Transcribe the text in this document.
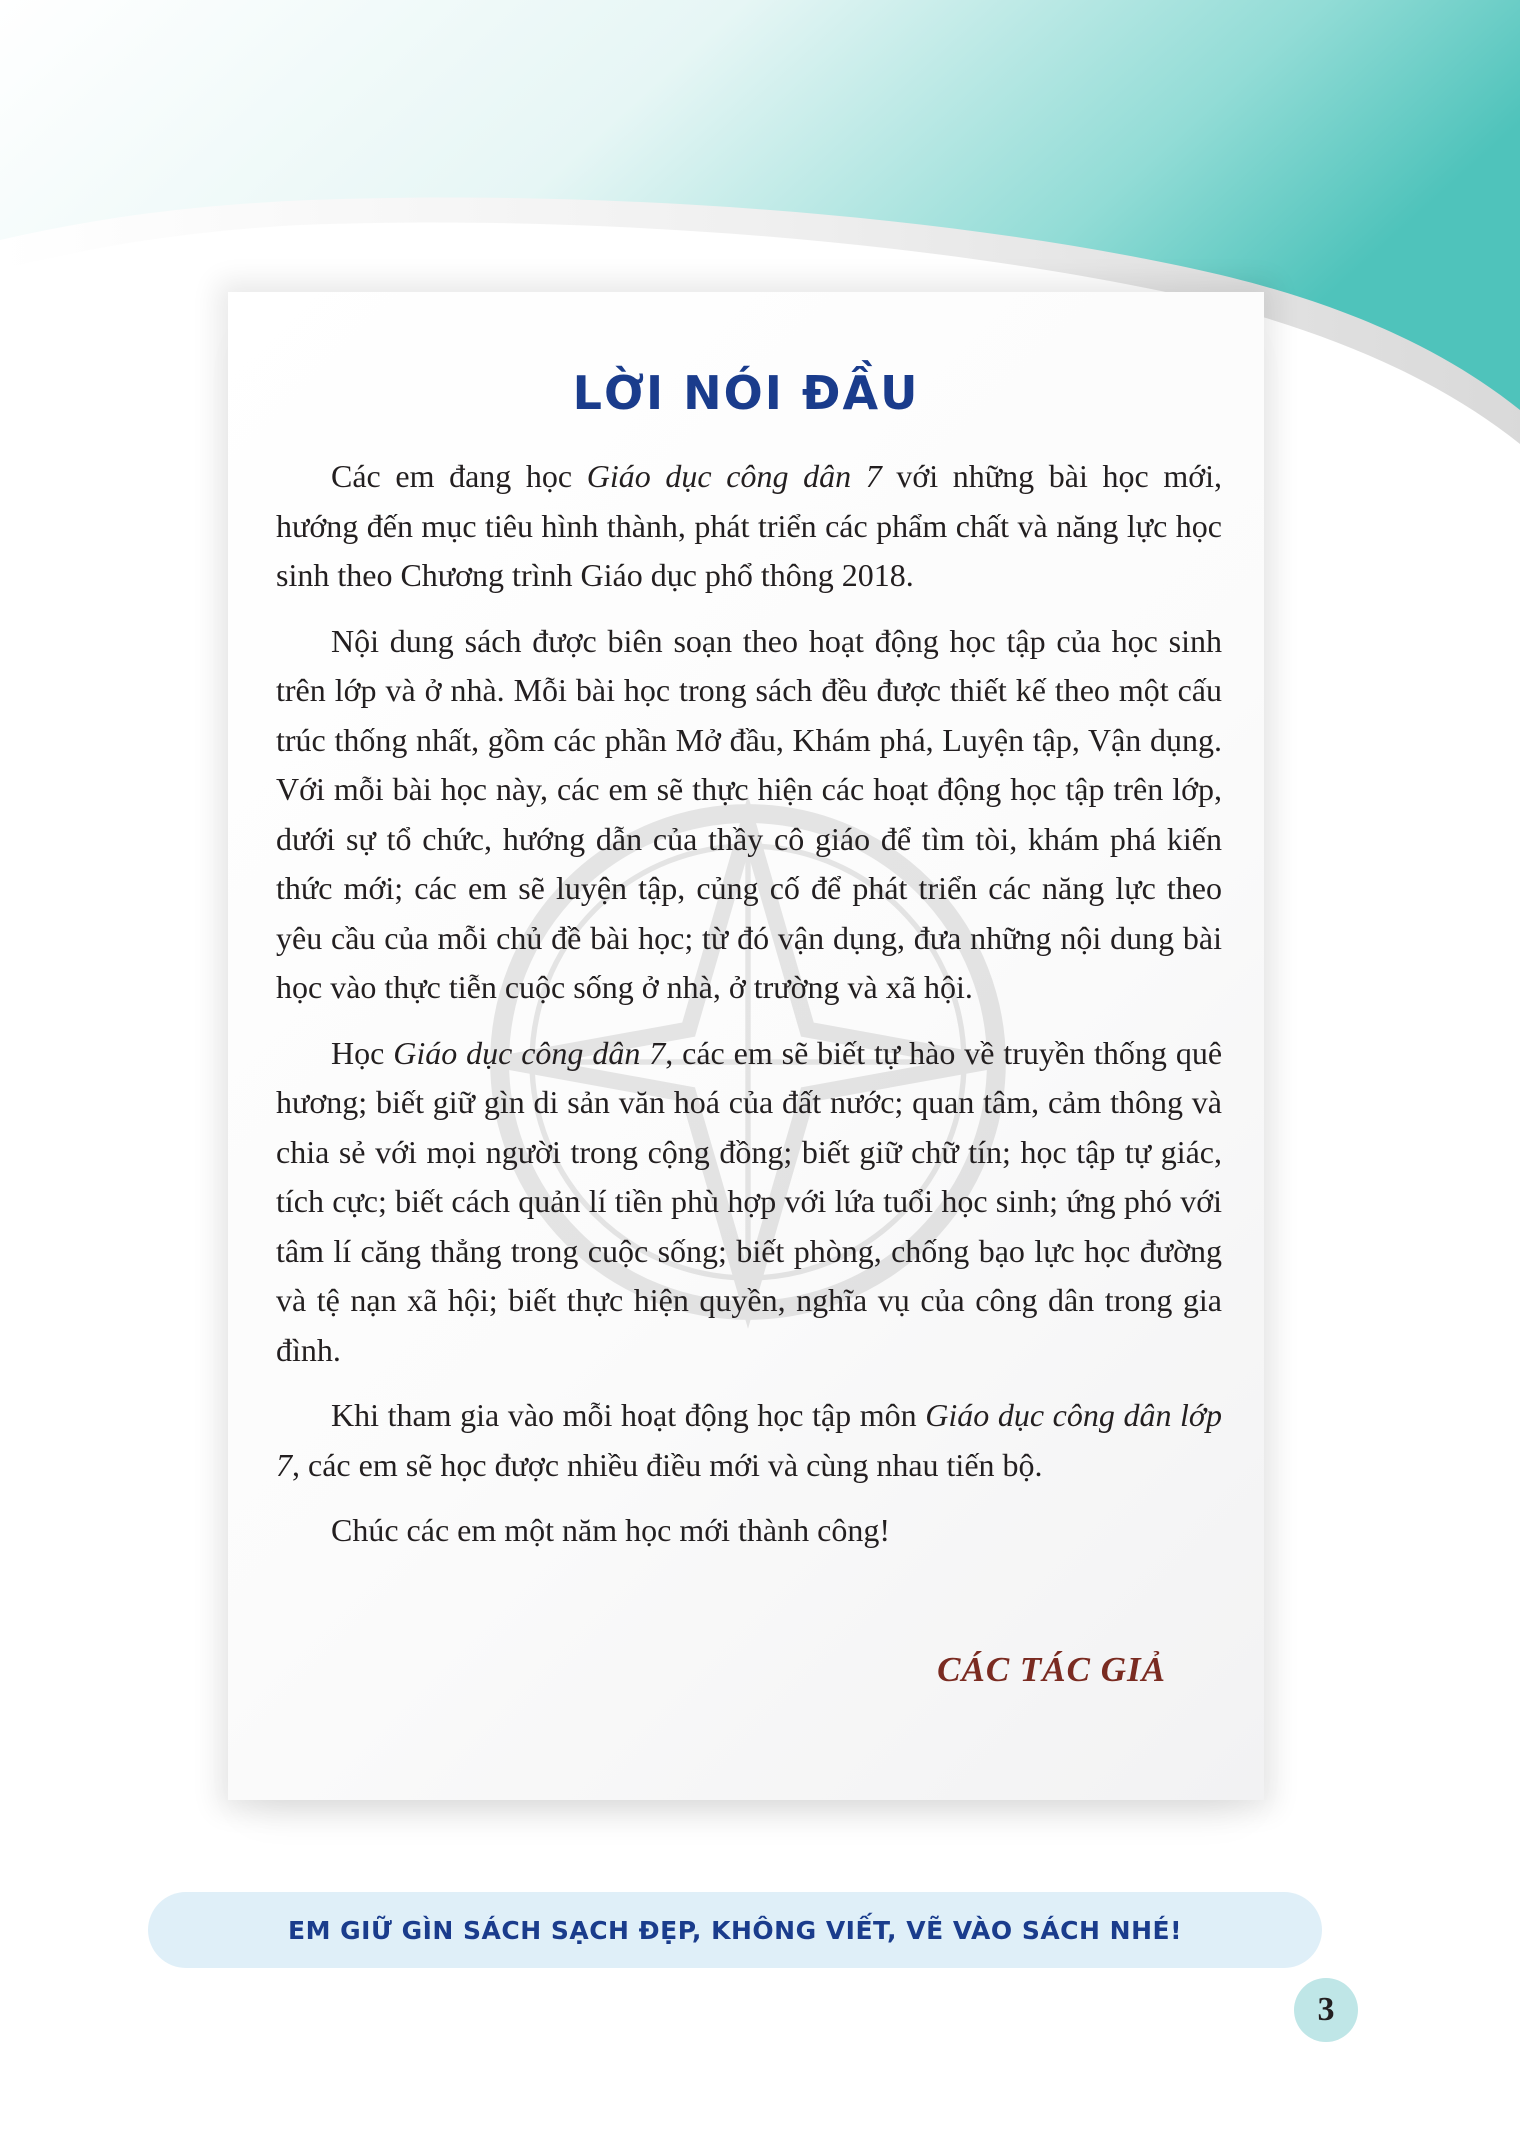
LỜI NÓI ĐẦU

Các em đang học Giáo dục công dân 7 với những bài học mới, hướng đến mục tiêu hình thành, phát triển các phẩm chất và năng lực học sinh theo Chương trình Giáo dục phổ thông 2018.

Nội dung sách được biên soạn theo hoạt động học tập của học sinh trên lớp và ở nhà. Mỗi bài học trong sách đều được thiết kế theo một cấu trúc thống nhất, gồm các phần Mở đầu, Khám phá, Luyện tập, Vận dụng. Với mỗi bài học này, các em sẽ thực hiện các hoạt động học tập trên lớp, dưới sự tổ chức, hướng dẫn của thầy cô giáo để tìm tòi, khám phá kiến thức mới; các em sẽ luyện tập, củng cố để phát triển các năng lực theo yêu cầu của mỗi chủ đề bài học; từ đó vận dụng, đưa những nội dung bài học vào thực tiễn cuộc sống ở nhà, ở trường và xã hội.

Học Giáo dục công dân 7, các em sẽ biết tự hào về truyền thống quê hương; biết giữ gìn di sản văn hoá của đất nước; quan tâm, cảm thông và chia sẻ với mọi người trong cộng đồng; biết giữ chữ tín; học tập tự giác, tích cực; biết cách quản lí tiền phù hợp với lứa tuổi học sinh; ứng phó với tâm lí căng thẳng trong cuộc sống; biết phòng, chống bạo lực học đường và tệ nạn xã hội; biết thực hiện quyền, nghĩa vụ của công dân trong gia đình.

Khi tham gia vào mỗi hoạt động học tập môn Giáo dục công dân lớp 7, các em sẽ học được nhiều điều mới và cùng nhau tiến bộ.

Chúc các em một năm học mới thành công!

CÁC TÁC GIẢ

EM GIỮ GÌN SÁCH SẠCH ĐẸP, KHÔNG VIẾT, VẼ VÀO SÁCH NHÉ!
3
